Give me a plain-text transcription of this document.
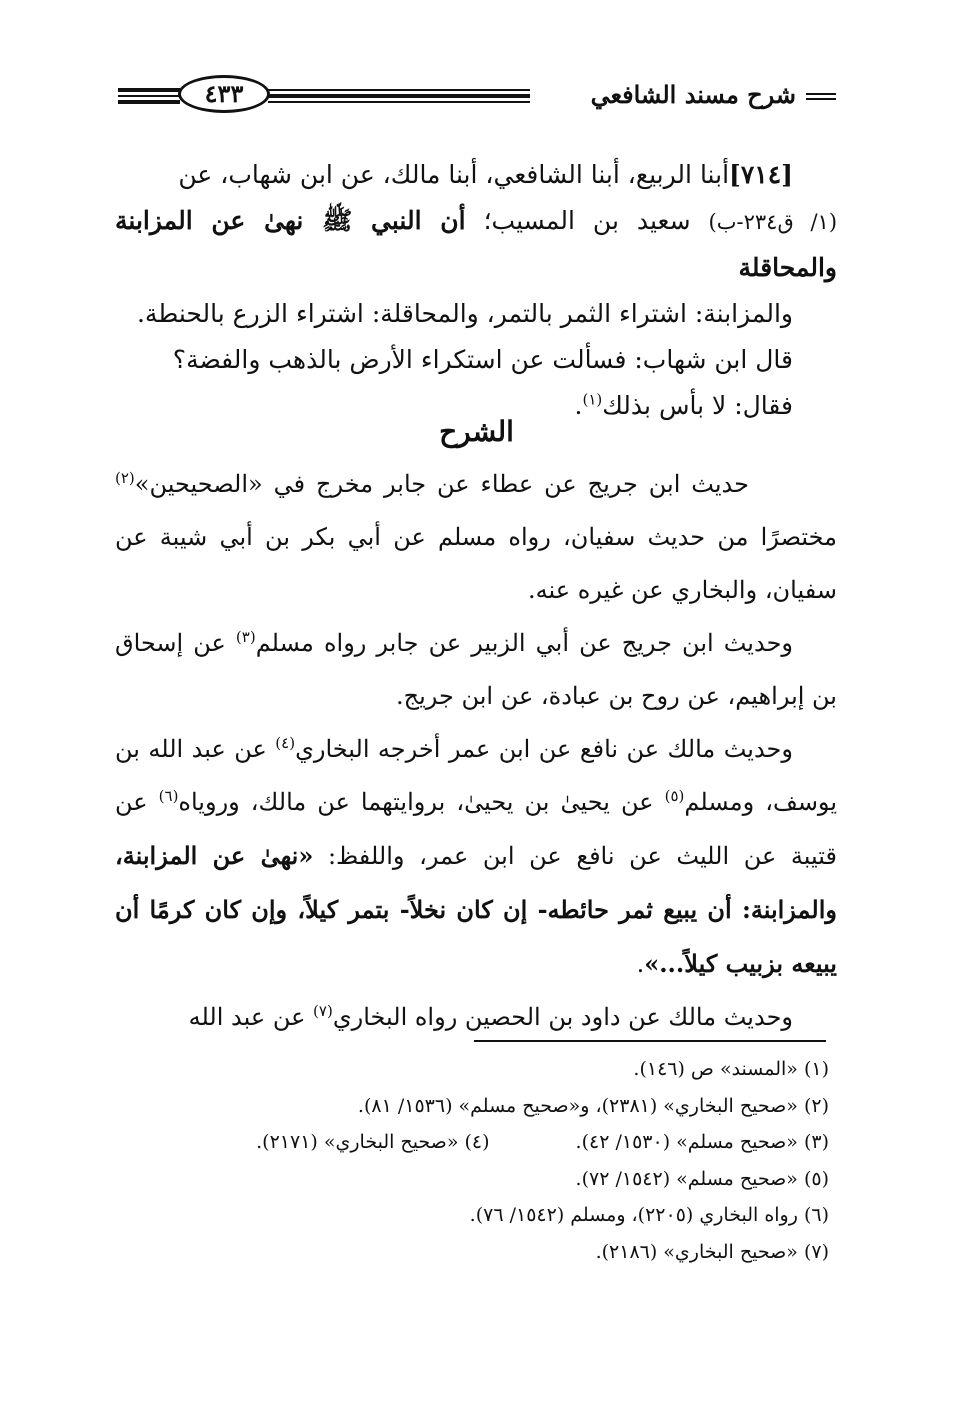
٤٣٣	شرح مسند الشافعي
[٧١٤]أبنا الربيع، أبنا الشافعي، أبنا مالك، عن ابن شهاب، عن
(١/ ق٢٣٤-ب) سعيد بن المسيب؛ أن النبي ﷺ نهىٰ عن المزابنة والمحاقلة
والمزابنة: اشتراء الثمر بالتمر، والمحاقلة: اشتراء الزرع بالحنطة.
قال ابن شهاب: فسألت عن استكراء الأرض بالذهب والفضة؟
فقال: لا بأس بذلك$^{(١)}$.
الشرح

حديث ابن جريج عن عطاء عن جابر مخرج في «الصحيحين»$^{(٢)}$ مختصرًا من حديث سفيان، رواه مسلم عن أبي بكر بن أبي شيبة عن سفيان، والبخاري عن غيره عنه.

وحديث ابن جريج عن أبي الزبير عن جابر رواه مسلم$^{(٣)}$ عن إسحاق بن إبراهيم، عن روح بن عبادة، عن ابن جريج.

وحديث مالك عن نافع عن ابن عمر أخرجه البخاري$^{(٤)}$ عن عبد الله بن يوسف، ومسلم$^{(٥)}$ عن يحيىٰ بن يحيىٰ، بروايتهما عن مالك، وروياه$^{(٦)}$ عن قتيبة عن الليث عن نافع عن ابن عمر، واللفظ: «نهىٰ عن المزابنة، والمزابنة: أن يبيع ثمر حائطه- إن كان نخلاً- بتمر كيلاً، وإن كان كرمًا أن يبيعه بزبيب كيلاً...».

وحديث مالك عن داود بن الحصين رواه البخاري$^{(٧)}$ عن عبد الله

(١) «المسند» ص (١٤٦).
(٢) «صحيح البخاري» (٢٣٨١)، و«صحيح مسلم» (١٥٣٦/ ٨١).
(٣) «صحيح مسلم» (١٥٣٠/ ٤٢).
(٤) «صحيح البخاري» (٢١٧١).
(٥) «صحيح مسلم» (١٥٤٢/ ٧٢).
(٦) رواه البخاري (٢٢٠٥)، ومسلم (١٥٤٢/ ٧٦).
(٧) «صحيح البخاري» (٢١٨٦).
